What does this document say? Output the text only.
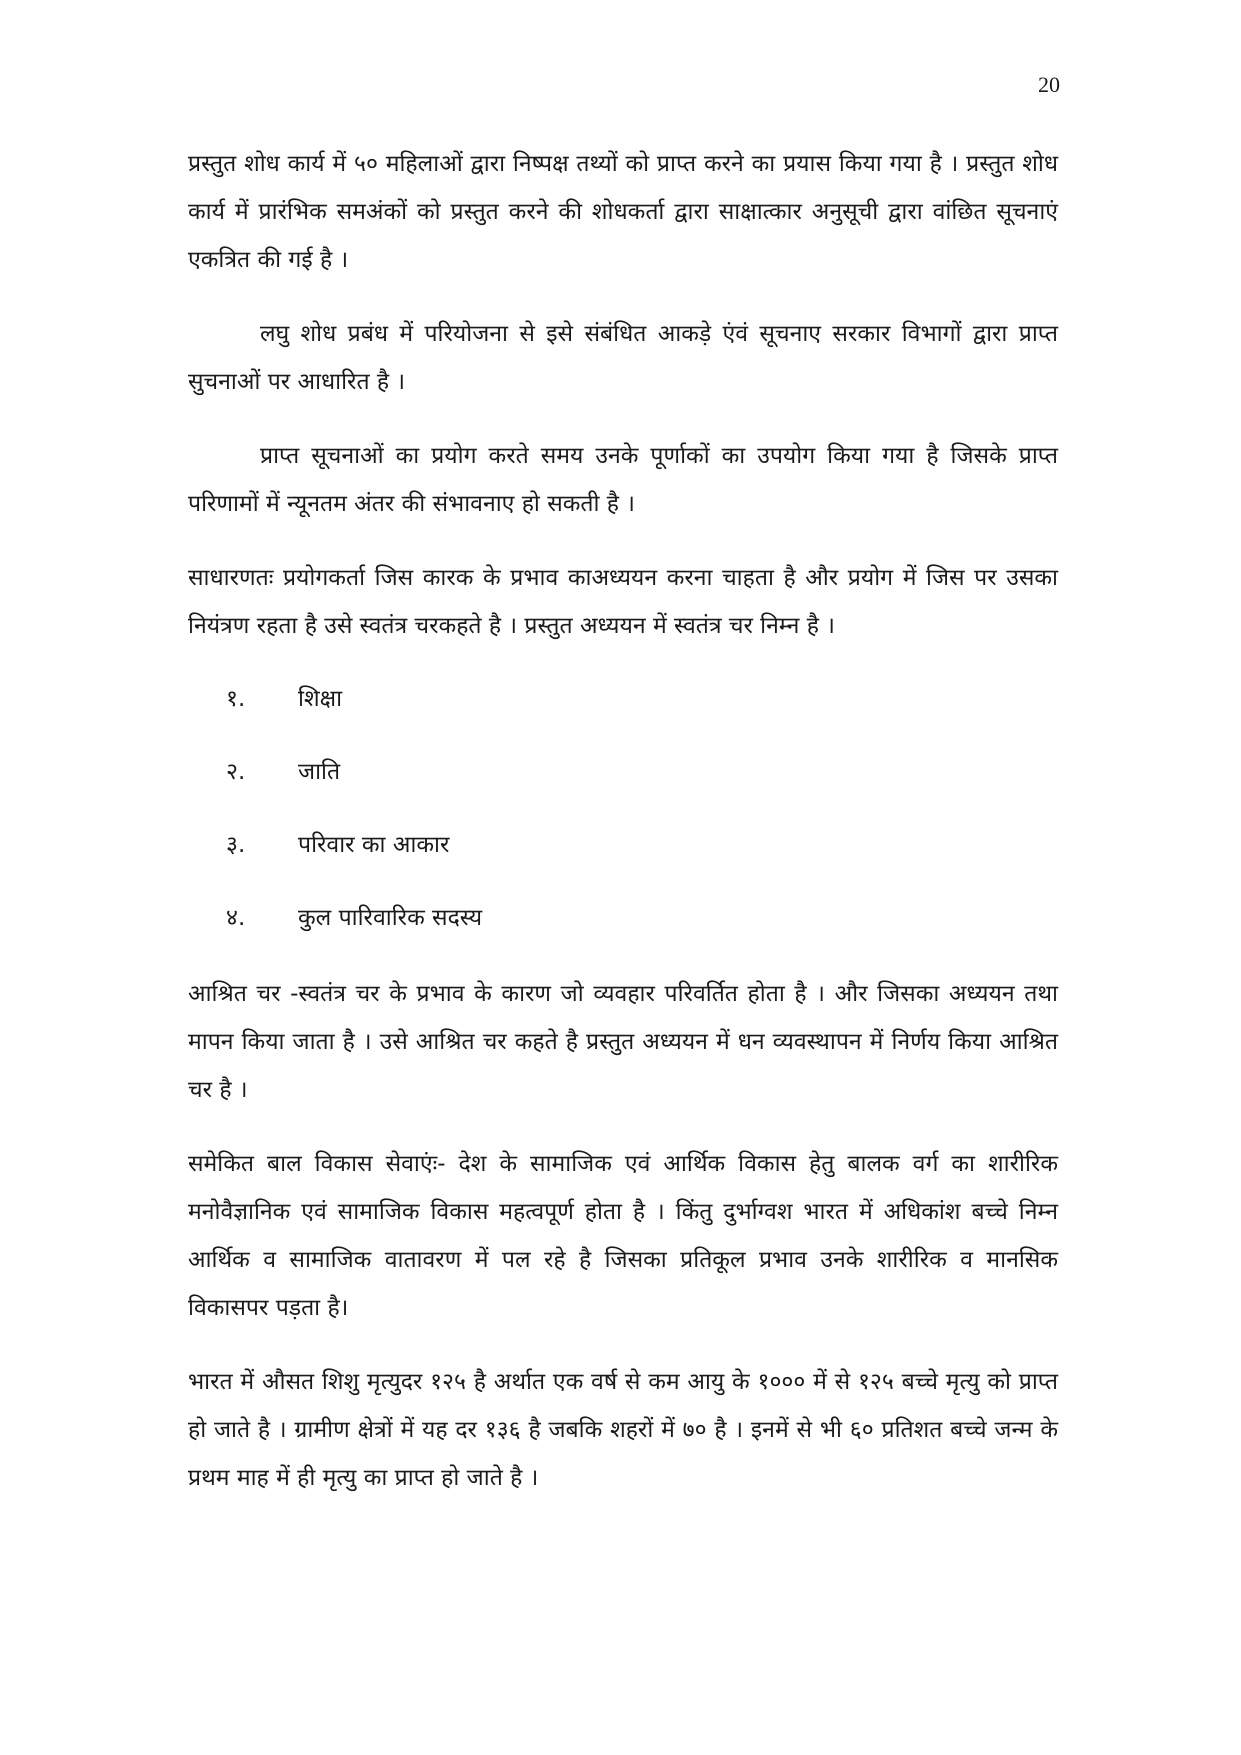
20

प्रस्तुत शोध कार्य में ५० महिलाओं द्वारा निष्पक्ष तथ्यों को प्राप्त करने का प्रयास किया गया है । प्रस्तुत शोध कार्य में प्रारंभिक समअंकों को प्रस्तुत करने की शोधकर्ता द्वारा साक्षात्कार अनुसूची द्वारा वांछित सूचनाएं एकत्रित की गई है ।

लघु शोध प्रबंध में परियोजना से इसे संबंधित आकड़े एंवं सूचनाए सरकार विभागों द्वारा प्राप्त सुचनाओं पर आधारित है ।

प्राप्त सूचनाओं का प्रयोग करते समय उनके पूर्णाकों का उपयोग किया गया है जिसके प्राप्त परिणामों में न्यूनतम अंतर की संभावनाए हो सकती है ।

साधारणतः प्रयोगकर्ता जिस कारक के प्रभाव काअध्ययन करना चाहता है और प्रयोग में जिस पर उसका नियंत्रण रहता है उसे स्वतंत्र चरकहते है । प्रस्तुत अध्ययन में स्वतंत्र चर निम्न है ।

१.	शिक्षा
२.	जाति
३.	परिवार का आकार
४.	कुल पारिवारिक सदस्य

आश्रित चर -स्वतंत्र चर के प्रभाव के कारण जो व्यवहार परिवर्तित होता है । और जिसका अध्ययन तथा मापन किया जाता है । उसे आश्रित चर कहते है प्रस्तुत अध्ययन में धन व्यवस्थापन में निर्णय किया आश्रित चर है ।

समेकित बाल विकास सेवाएंः- देश के सामाजिक एवं आर्थिक विकास हेतु बालक वर्ग का शारीरिक मनोवैज्ञानिक एवं सामाजिक विकास महत्वपूर्ण होता है । किंतु दुर्भाग्वश भारत में अधिकांश बच्चे निम्न आर्थिक व सामाजिक वातावरण में पल रहे है जिसका प्रतिकूल प्रभाव उनके शारीरिक व मानसिक विकासपर पड़ता है।

भारत में औसत शिशु मृत्युदर १२५ है अर्थात एक वर्ष से कम आयु के १००० में से १२५ बच्चे मृत्यु को प्राप्त हो जाते है । ग्रामीण क्षेत्रों में यह दर १३६ है जबकि शहरों में ७० है । इनमें से भी ६० प्रतिशत बच्चे जन्म के प्रथम माह में ही मृत्यु का प्राप्त हो जाते है ।
